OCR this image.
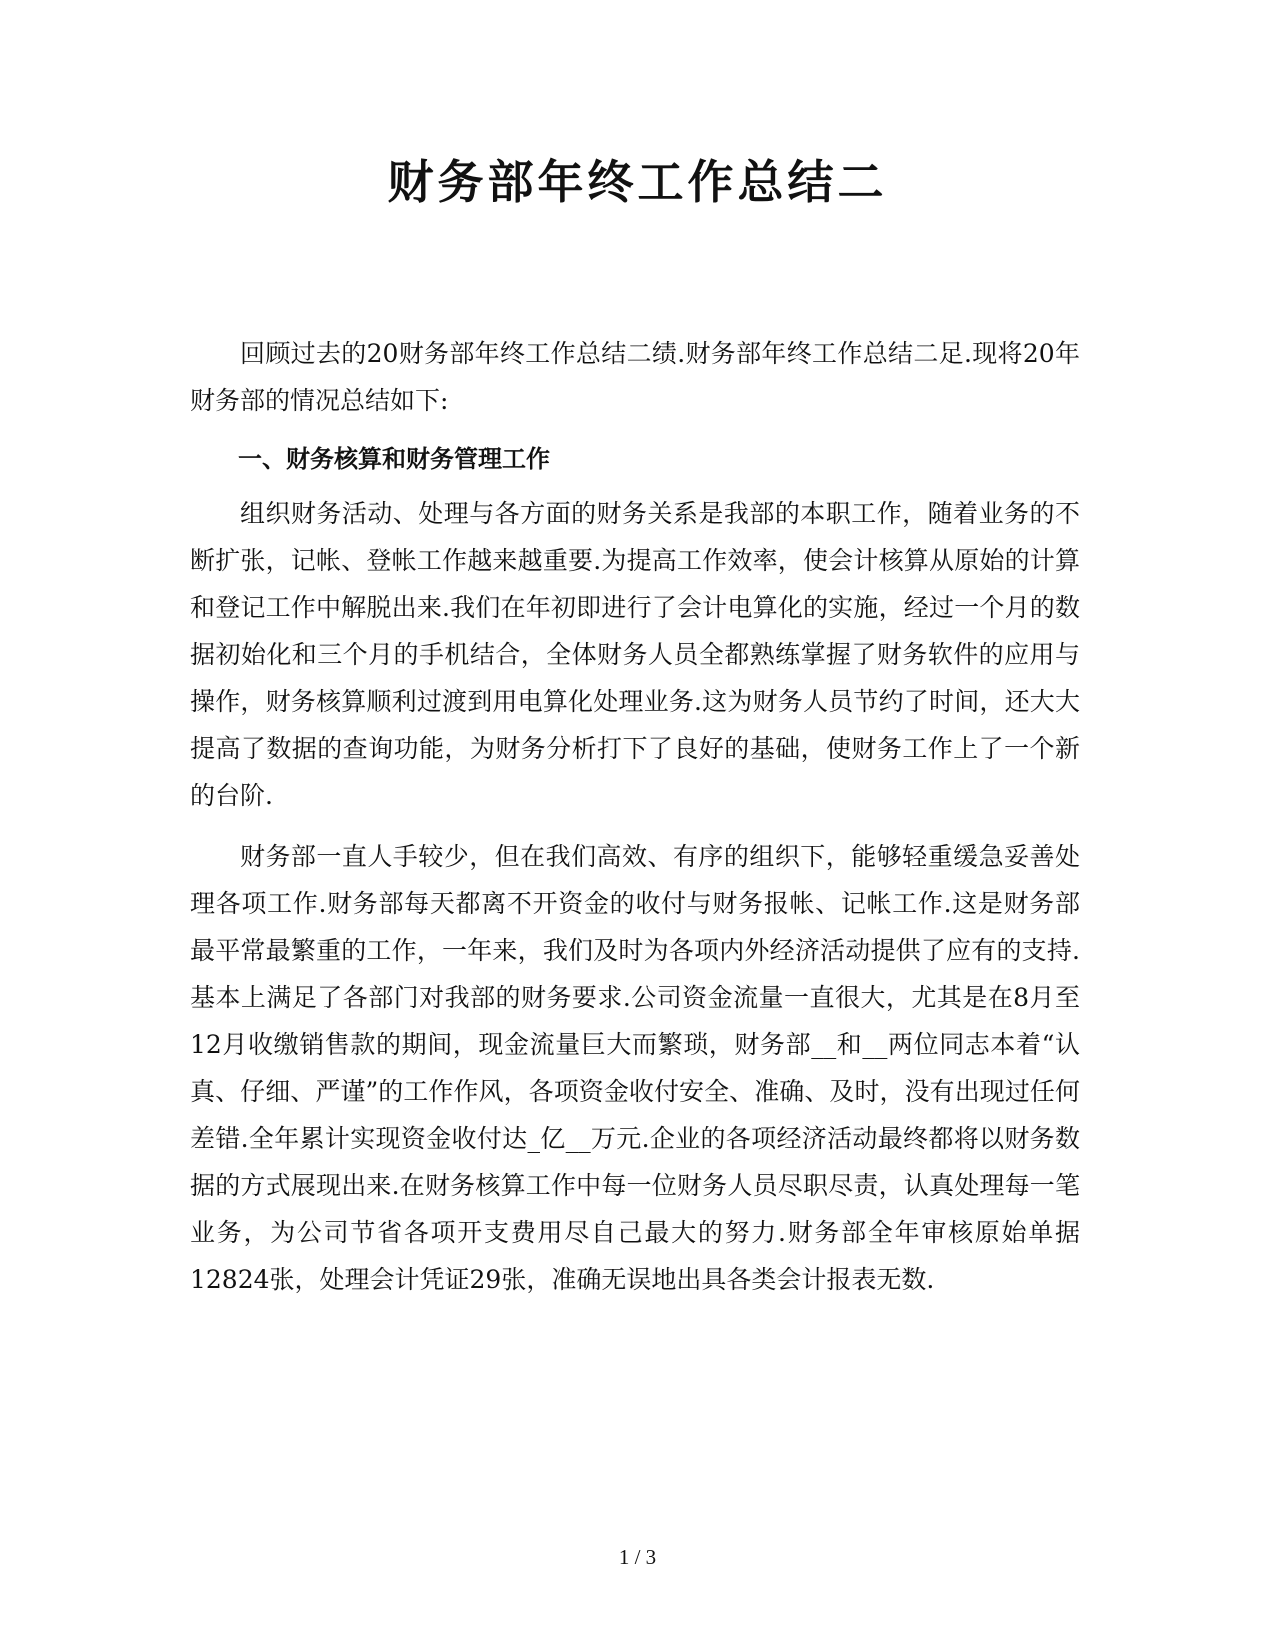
财务部年终工作总结二

回顾过去的20财务部年终工作总结二绩.财务部年终工作总结二足.现将20年财务部的情况总结如下:

一、财务核算和财务管理工作

组织财务活动、处理与各方面的财务关系是我部的本职工作，随着业务的不断扩张，记帐、登帐工作越来越重要.为提高工作效率，使会计核算从原始的计算和登记工作中解脱出来.我们在年初即进行了会计电算化的实施，经过一个月的数据初始化和三个月的手机结合，全体财务人员全都熟练掌握了财务软件的应用与操作，财务核算顺利过渡到用电算化处理业务.这为财务人员节约了时间，还大大提高了数据的查询功能，为财务分析打下了良好的基础，使财务工作上了一个新的台阶.

财务部一直人手较少，但在我们高效、有序的组织下，能够轻重缓急妥善处理各项工作.财务部每天都离不开资金的收付与财务报帐、记帐工作.这是财务部最平常最繁重的工作，一年来，我们及时为各项内外经济活动提供了应有的支持.基本上满足了各部门对我部的财务要求.公司资金流量一直很大，尤其是在8月至12月收缴销售款的期间，现金流量巨大而繁琐，财务部__和__两位同志本着“认真、仔细、严谨”的工作作风，各项资金收付安全、准确、及时，没有出现过任何差错.全年累计实现资金收付达_亿__万元.企业的各项经济活动最终都将以财务数据的方式展现出来.在财务核算工作中每一位财务人员尽职尽责，认真处理每一笔业务，为公司节省各项开支费用尽自己最大的努力.财务部全年审核原始单据12824张，处理会计凭证29张，准确无误地出具各类会计报表无数.

1 / 3
